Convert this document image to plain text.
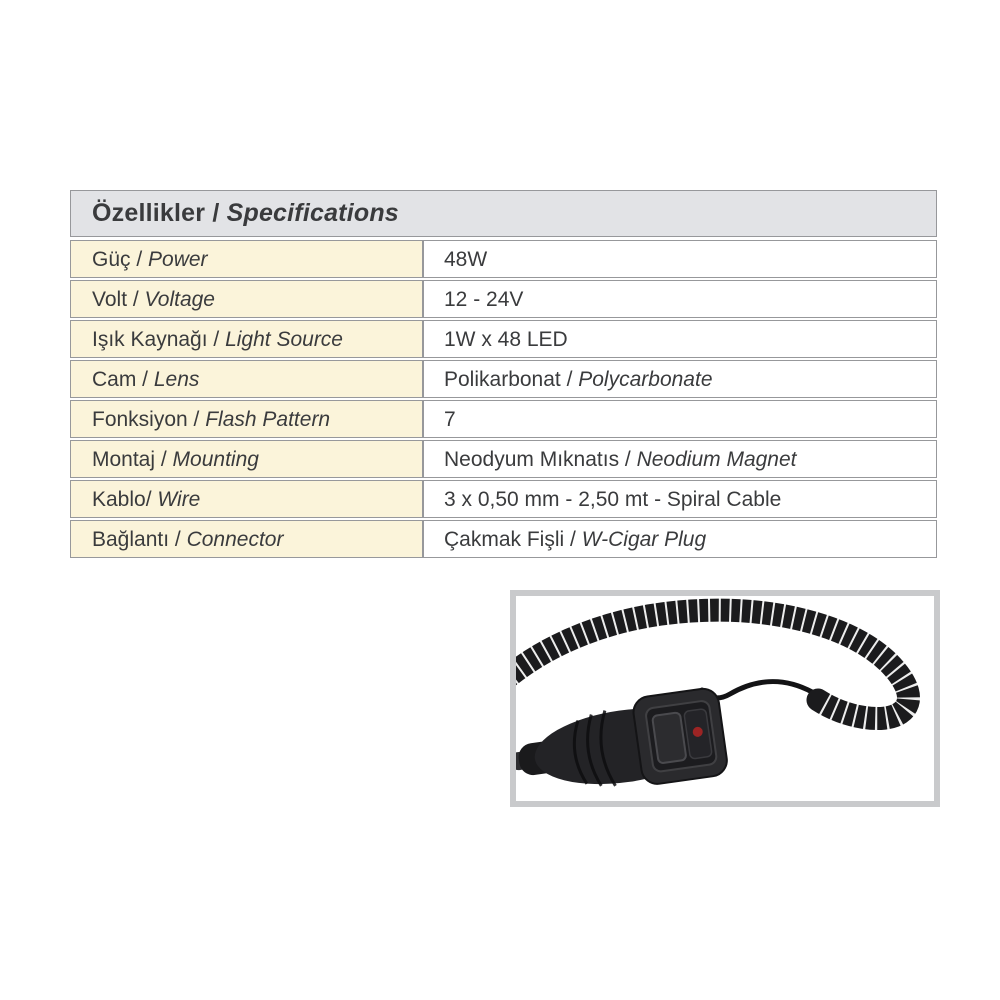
Özellikler / Specifications
Güç / Power	48W
Volt / Voltage	12 - 24V
Işık Kaynağı / Light Source	1W x 48 LED
Cam / Lens	Polikarbonat / Polycarbonate
Fonksiyon / Flash Pattern	7
Montaj / Mounting	Neodyum Mıknatıs / Neodium Magnet
Kablo/ Wire	3 x 0,50 mm - 2,50 mt - Spiral Cable
Bağlantı / Connector	Çakmak Fişli / W-Cigar Plug
